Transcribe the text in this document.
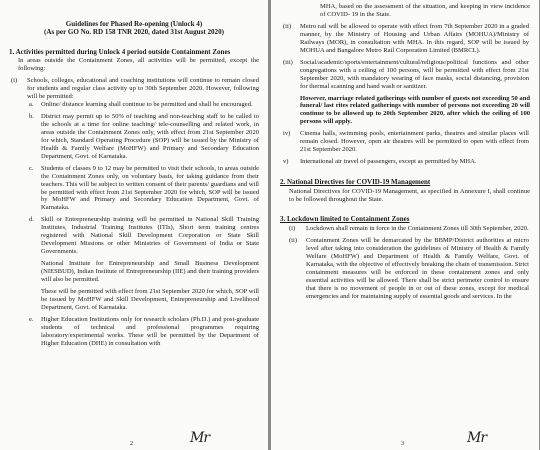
Guidelines for Phased Re-opening (Unlock 4)
(As per GO No. RD 158 TNR 2020, dated 31st August 2020)
1. Activities permitted during Unlock 4 period outside Containment Zones

In areas outside the Containment Zones, all activities will be permitted, except the following:

(i)	Schools, colleges, educational and coaching institutions will continue to remain closed for students and regular class activity up to 30th September 2020. However, following will be permitted:
a.	Online/ distance learning shall continue to be permitted and shall be encouraged.
b.	District may permit up to 50% of teaching and non-teaching staff to be called to the schools at a time for online teaching/ tele-counselling and related work, in areas outside the Containment Zones only, with effect from 21st September 2020 for which, Standard Operating Procedure (SOP) will be issued by the Ministry of Health & Family Welfare (MoHFW) and Primary and Secondary Education Department, Govt. of Karnataka.
c.	Students of classes 9 to 12 may be permitted to visit their schools, in areas outside the Containment Zones only, on voluntary basis, for taking guidance from their teachers. This will be subject to written consent of their parents/ guardians and will be permitted with effect from 21st September 2020 for which, SOP will be issued by MoHFW and Primary and Secondary Education Department, Govt. of Karnataka.
d.	Skill or Entrepreneurship training will be permitted in National Skill Training Institutes, Industrial Training Institutes (ITIs), Short term training centres registered with National Skill Development Corporation or State Skill Development Missions or other Ministries of Government of India or State Governments.

National Institute for Entrepreneurship and Small Business Development (NIESBUD), Indian Institute of Entrepreneurship (IIE) and their training providers will also be permitted.

These will be permitted with effect from 21st September 2020 for which, SOP will be issued by MoHFW and Skill Development, Entrepreneurship and Livelihood Department, Govt. of Karnataka.

e.	Higher Education Institutions only for research scholars (Ph.D.) and post-graduate students of technical and professional programmes requiring laboratory/experimental works. These will be permitted by the Department of Higher Education (DHE) in consultation with
2	Mr

MHA, based on the assessment of the situation, and keeping in view incidence of COVID- 19 in the State.

(ii)	Metro rail will be allowed to operate with effect from 7th September 2020 in a graded manner, by the Ministry of Housing and Urban Affairs (MOHUA)/Ministry of Railways (MOR), in consultation with MHA. In this regard, SOP will be issued by MOHUA and Bangalore Metro Rail Corporation Limited (BMRCL).
(iii)	Social/academic/sports/entertainment/cultural/religious/political functions and other congregations with a ceiling of 100 persons, will be permitted with effect from 21st September 2020, with mandatory wearing of face masks, social distancing, provision for thermal scanning and hand wash or sanitizer.

However, marriage related gatherings with number of guests not exceeding 50 and funeral/ last rites related gatherings with number of persons not exceeding 20 will continue to be allowed up to 20th September 2020, after which the ceiling of 100 persons will apply.

iv)	Cinema halls, swimming pools, entertainment parks, theatres and similar places will remain closed. However, open air theatres will be permitted to open with effect from 21st September 2020.
v)	International air travel of passengers, except as permitted by MHA.
2. National Directives for COVID-19 Management

National Directives for COVID-19 Management, as specified in Annexure I, shall continue to be followed throughout the State.

3. Lockdown limited to Containment Zones
(i)	Lockdown shall remain in force in the Containment Zones till 30th September, 2020.
(ii)	Containment Zones will be demarcated by the BBMP/District authorities at micro level after taking into consideration the guidelines of Ministry of Health & Family Welfare (MoHFW) and Department of Health & Family Welfare, Govt. of Karnataka, with the objective of effectively breaking the chain of transmission. Strict containment measures will be enforced in these containment zones and only essential activities will be allowed. There shall be strict perimeter control to ensure that there is no movement of people in or out of these zones, except for medical emergencies and for maintaining supply of essential goods and services. In the
3	Mr
